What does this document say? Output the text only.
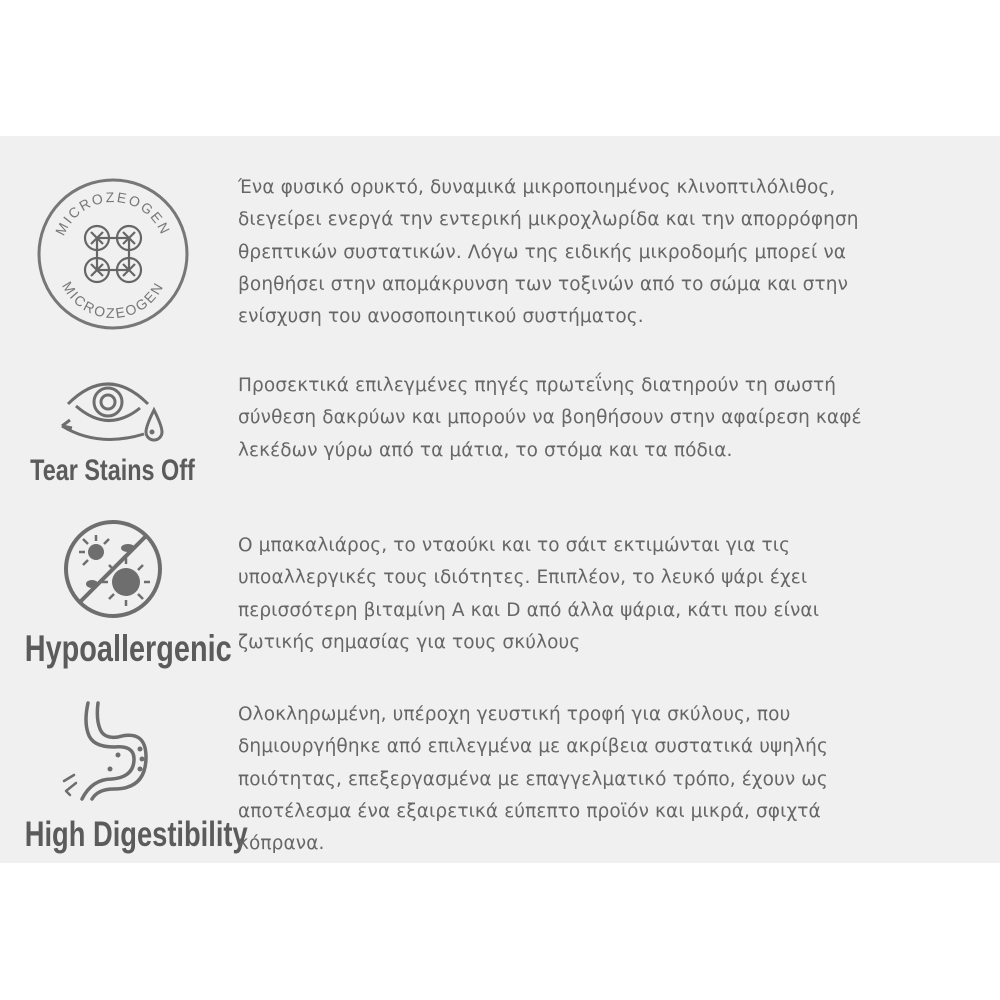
MICROZEOGEN
MICROZEOGEN
Ένα φυσικό ορυκτό, δυναμικά μικροποιημένος κλινοπτιλόλιθος,
διεγείρει ενεργά την εντερική μικροχλωρίδα και την απορρόφηση
θρεπτικών συστατικών. Λόγω της ειδικής μικροδομής μπορεί να
βοηθήσει στην απομάκρυνση των τοξινών από το σώμα και στην
ενίσχυση του ανοσοποιητικού συστήματος.
Tear Stains Off
Προσεκτικά επιλεγμένες πηγές πρωτεΐνης διατηρούν τη σωστή
σύνθεση δακρύων και μπορούν να βοηθήσουν στην αφαίρεση καφέ
λεκέδων γύρω από τα μάτια, το στόμα και τα πόδια.
Hypoallergenic
Ο μπακαλιάρος, το νταούκι και το σάιτ εκτιμώνται για τις
υποαλλεργικές τους ιδιότητες. Επιπλέον, το λευκό ψάρι έχει
περισσότερη βιταμίνη A και D από άλλα ψάρια, κάτι που είναι
ζωτικής σημασίας για τους σκύλους
High Digestibility
Ολοκληρωμένη, υπέροχη γευστική τροφή για σκύλους, που
δημιουργήθηκε από επιλεγμένα με ακρίβεια συστατικά υψηλής
ποιότητας, επεξεργασμένα με επαγγελματικό τρόπο, έχουν ως
αποτέλεσμα ένα εξαιρετικά εύπεπτο προϊόν και μικρά, σφιχτά
κόπρανα.
